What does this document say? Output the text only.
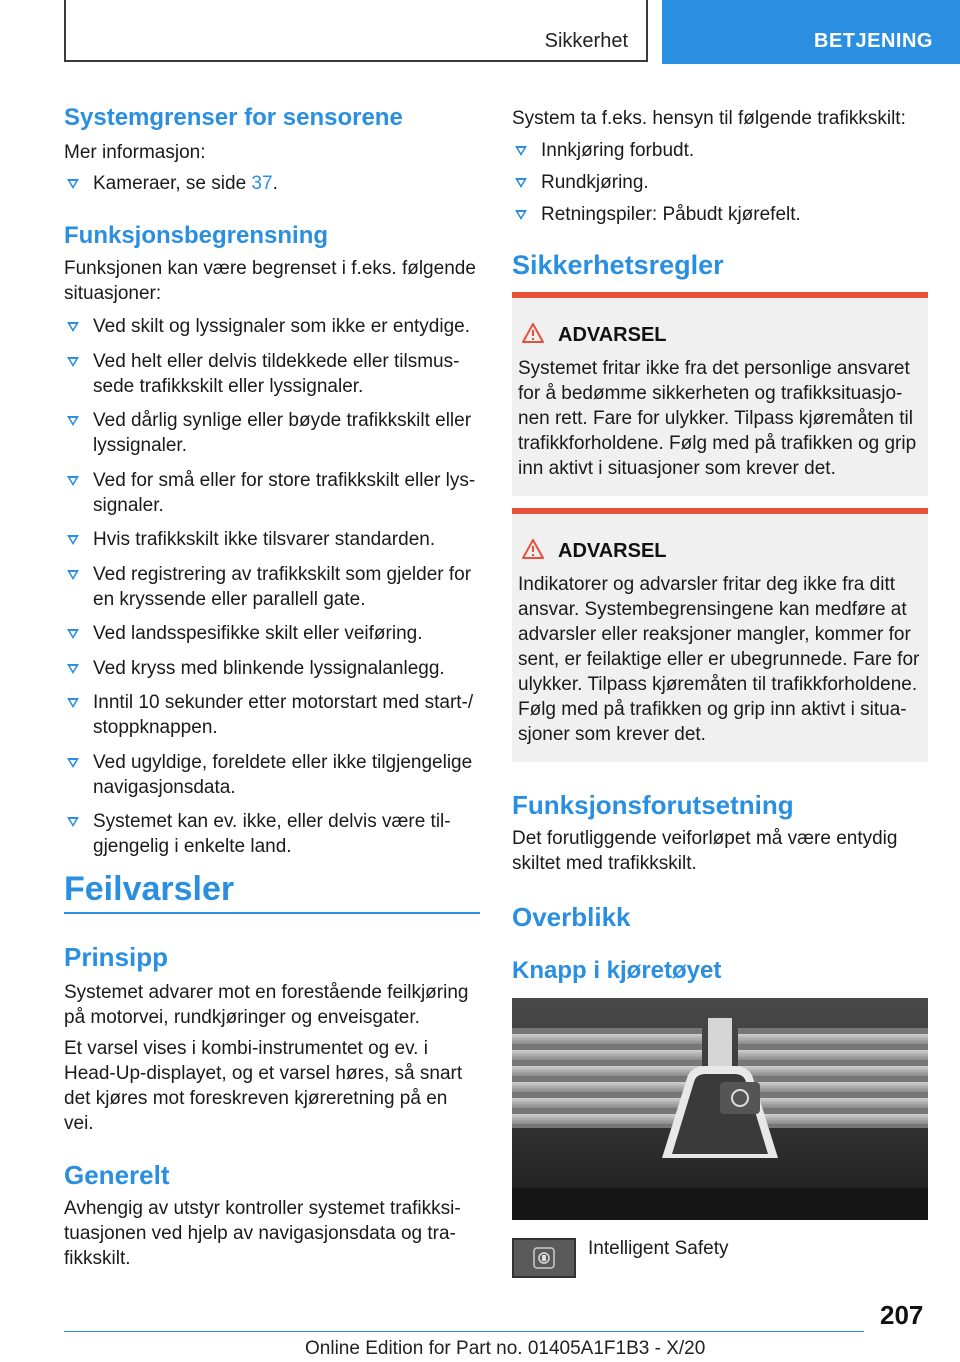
Sikkerhet	BETJENING
Systemgrenser for sensorene
Mer informasjon:
Kameraer, se side 37.
Funksjonsbegrensning
Funksjonen kan være begrenset i f.eks. følgende
situasjoner:
Ved skilt og lyssignaler som ikke er entydige.
Ved helt eller delvis tildekkede eller tilsmus-
sede trafikkskilt eller lyssignaler.
Ved dårlig synlige eller bøyde trafikkskilt eller
lyssignaler.
Ved for små eller for store trafikkskilt eller lys-
signaler.
Hvis trafikkskilt ikke tilsvarer standarden.
Ved registrering av trafikkskilt som gjelder for
en kryssende eller parallell gate.
Ved landsspesifikke skilt eller veiføring.
Ved kryss med blinkende lyssignalanlegg.
Inntil 10 sekunder etter motorstart med start-/
stoppknappen.
Ved ugyldige, foreldete eller ikke tilgjengelige
navigasjonsdata.
Systemet kan ev. ikke, eller delvis være til-
gjengelig i enkelte land.
Feilvarsler
Prinsipp
Systemet advarer mot en forestående feilkjøring
på motorvei, rundkjøringer og enveisgater.
Et varsel vises i kombi-instrumentet og ev. i
Head-Up-displayet, og et varsel høres, så snart
det kjøres mot foreskreven kjøreretning på en
vei.
Generelt
Avhengig av utstyr kontroller systemet trafikksi-
tuasjonen ved hjelp av navigasjonsdata og tra-
fikkskilt.
System ta f.eks. hensyn til følgende trafikkskilt:
Innkjøring forbudt.
Rundkjøring.
Retningspiler: Påbudt kjørefelt.
Sikkerhetsregler
ADVARSEL
Systemet fritar ikke fra det personlige ansvaret
for å bedømme sikkerheten og trafikksituasjo-
nen rett. Fare for ulykker. Tilpass kjøremåten til
trafikkforholdene. Følg med på trafikken og grip
inn aktivt i situasjoner som krever det.
ADVARSEL
Indikatorer og advarsler fritar deg ikke fra ditt
ansvar. Systembegrensingene kan medføre at
advarsler eller reaksjoner mangler, kommer for
sent, er feilaktige eller er ubegrunnede. Fare for
ulykker. Tilpass kjøremåten til trafikkforholdene.
Følg med på trafikken og grip inn aktivt i situa-
sjoner som krever det.
Funksjonsforutsetning
Det forutliggende veiforløpet må være entydig
skiltet med trafikkskilt.
Overblikk
Knapp i kjøretøyet
Intelligent Safety
207
Online Edition for Part no. 01405A1F1B3 - X/20
